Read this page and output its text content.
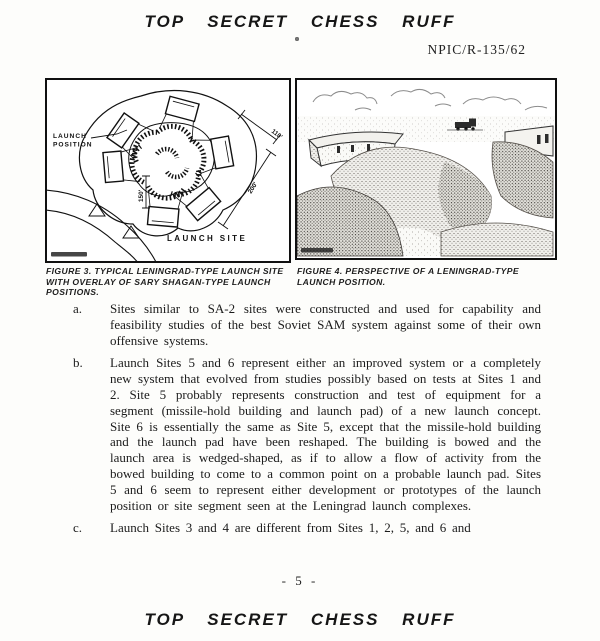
TOP SECRET CHESS RUFF
NPIC/R-135/62
110'
200'
150'
LAUNCH
POSITION
LAUNCH SITE
FIGURE 3. TYPICAL LENINGRAD-TYPE LAUNCH SITE WITH OVERLAY OF SARY SHAGAN-TYPE LAUNCH POSITIONS.
FIGURE 4. PERSPECTIVE OF A LENINGRAD-TYPE LAUNCH POSITION.
a.	Sites similar to SA-2 sites were constructed and used for capability and feasibility studies of the best Soviet SAM system against some of their own offensive systems.
b.	Launch Sites 5 and 6 represent either an improved system or a completely new system that evolved from studies possibly based on tests at Sites 1 and 2. Site 5 probably represents construction and test of equipment for a segment (missile-hold building and launch pad) of a new launch concept. Site 6 is essentially the same as Site 5, except that the missile-hold building and the launch pad have been reshaped. The building is bowed and the launch area is wedged-shaped, as if to allow a flow of activity from the bowed building to come to a common point on a probable launch pad. Sites 5 and 6 seem to represent either development or prototypes of the launch position or site segment seen at the Leningrad launch complexes.
c.	Launch Sites 3 and 4 are different from Sites 1, 2, 5, and 6 and
- 5 -
TOP SECRET CHESS RUFF
